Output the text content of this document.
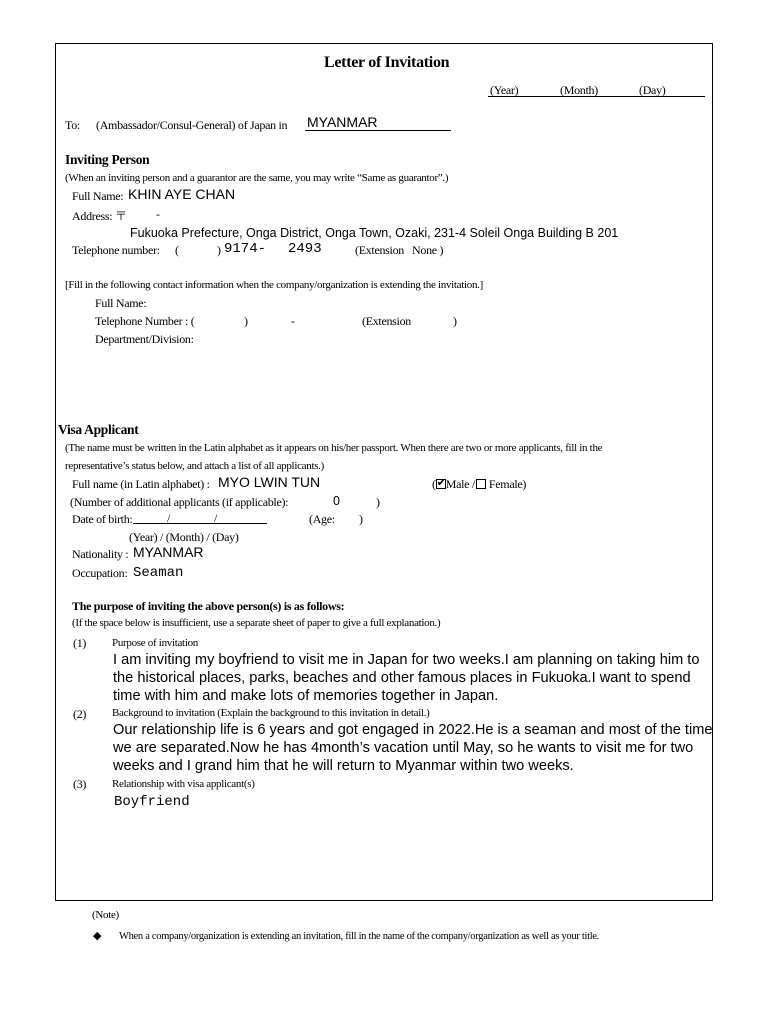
Letter of Invitation
(Year)	(Month)	(Day)
To: (Ambassador/Consul-General) of Japan in MYANMAR
Inviting Person
(When an inviting person and a guarantor are the same, you may write “Same as guarantor”.)
Full Name: KHIN AYE CHAN
Address: 〒 -
Fukuoka Prefecture, Onga District, Onga Town, Ozaki, 231-4 Soleil Onga Building B 201
Telephone number: (	) 9174- 2493	(Extension None )
[Fill in the following contact information when the company/organization is extending the invitation.]
Full Name:
Telephone Number : (	)	-	(Extension	)
Department/Division:
Visa Applicant
(The name must be written in the Latin alphabet as it appears on his/her passport. When there are two or more applicants, fill in the
representative’s status below, and attach a list of all applicants.)
Full name (in Latin alphabet) : MYO LWIN TUN	(✔ Male / Female)
(Number of additional applicants (if applicable):	0	)
Date of birth:	/	/	(Age: )
(Year) / (Month) / (Day)
Nationality : MYANMAR
Occupation: Seaman
The purpose of inviting the above person(s) is as follows:
(If the space below is insufficient, use a separate sheet of paper to give a full explanation.)
(1) Purpose of invitation
I am inviting my boyfriend to visit me in Japan for two weeks.I am planning on taking him to the historical places, parks, beaches and other famous places in Fukuoka.I want to spend time with him and make lots of memories together in Japan.
(2) Background to invitation (Explain the background to this invitation in detail.)
Our relationship life is 6 years and got engaged in 2022.He is a seaman and most of the time we are separated.Now he has 4month’s vacation until May, so he wants to visit me for two weeks and I grand him that he will return to Myanmar within two weeks.
(3) Relationship with visa applicant(s)
Boyfriend
(Note)
◆ When a company/organization is extending an invitation, fill in the name of the company/organization as well as your title.
